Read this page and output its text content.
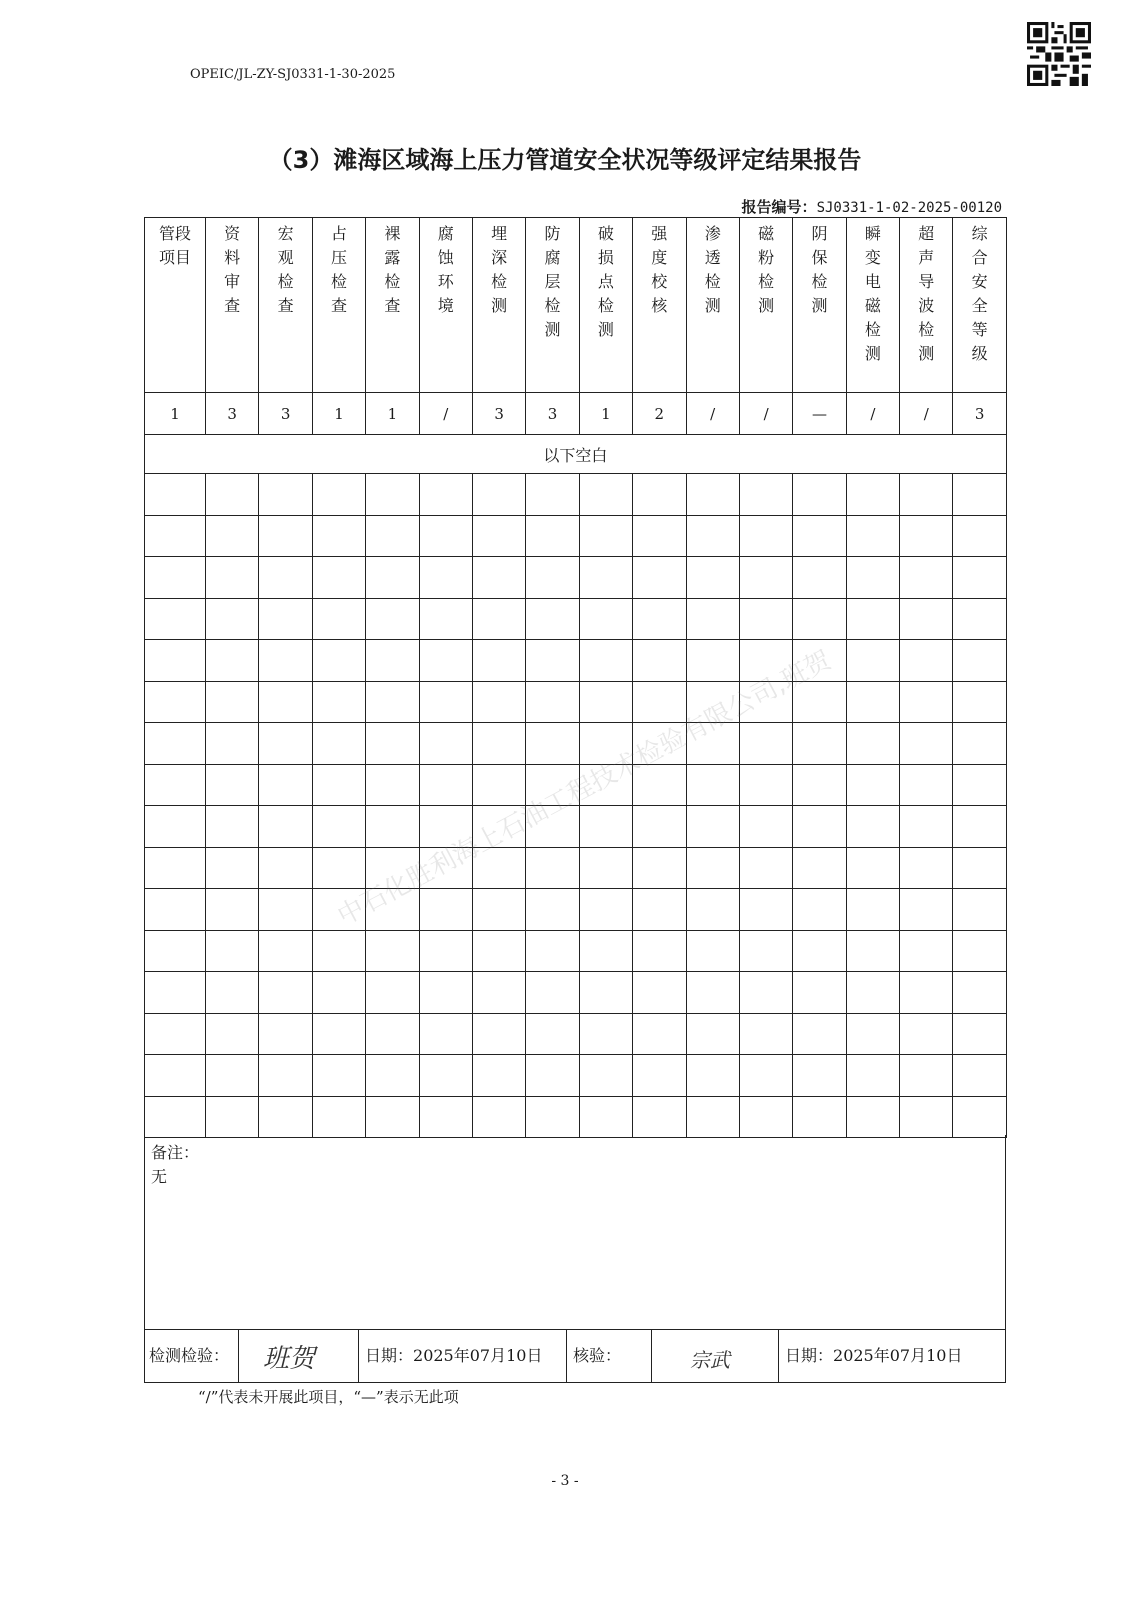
OPEIC/JL-ZY-SJ0331-1-30-2025
（3）滩海区域海上压力管道安全状况等级评定结果报告
报告编号：SJ0331-1-02-2025-00120
管段
项目	资料审查	宏观检查	占压检查	裸露检查	腐蚀环境	埋深检测	防腐层检测	破损点检测	强度校核	渗透检测	磁粉检测	阴保检测	瞬变电磁检测	超声导波检测	综合安全等级
1	3	3	1	1	/	3	3	1	2	/	/	—	/	/	3
以下空白															

备注：
无
检测检验： 班贺	日期：2025年07月10日 核验：	宗武	日期：2025年07月10日
“/”代表未开展此项目，“—”表示无此项
- 3 -
中石化胜利海上石油工程技术检验有限公司,班贺
